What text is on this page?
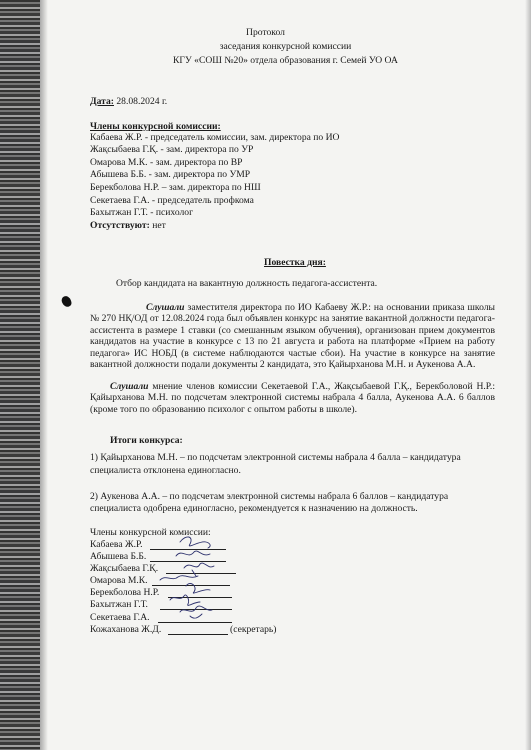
Протокол
заседания конкурсной комиссии
КГУ «СОШ №20» отдела образования г. Семей УО ОА
Дата: 28.08.2024 г.
Члены конкурсной комиссии:
Кабаева Ж.Р. - председатель комиссии, зам. директора по ИО
Жақсыбаева Г.Қ. - зам. директора по УР
Омарова М.К. - зам. директора по ВР
Абышева Б.Б. - зам. директора по УМР
Берекболова Н.Р. – зам. директора по НШ
Секетаева Г.А. - председатель профкома
Бахытжан Г.Т. - психолог
Отсутствуют: нет
Повестка дня:
Отбор кандидата на вакантную должность педагога-ассистента.
Слушали заместителя директора по ИО Кабаеву Ж.Р.: на основании приказа школы № 270 НҚ/ОД от 12.08.2024 года был объявлен конкурс на занятие вакантной должности педагога-ассистента в размере 1 ставки (со смешанным языком обучения), организован прием документов кандидатов на участие в конкурсе с 13 по 21 августа и работа на платформе «Прием на работу педагога» ИС НОБД (в системе наблюдаются частые сбои). На участие в конкурсе на занятие вакантной должности подали документы 2 кандидата, это Қайырханова М.Н. и Аукенова А.А.
Слушали мнение членов комиссии Секетаевой Г.А., Жақсыбаевой Г.Қ., Берекболовой Н.Р.: Қайырханова М.Н. по подсчетам электронной системы набрала 4 балла, Аукенова А.А. 6 баллов (кроме того по образованию психолог с опытом работы в школе).
Итоги конкурса:
1) Қайырханова М.Н. – по подсчетам электронной системы набрала 4 балла – кандидатура
специалиста отклонена единогласно.
2) Аукенова А.А. – по подсчетам электронной системы набрала 6 баллов – кандидатура
специалиста одобрена единогласно, рекомендуется к назначению на должность.
Члены конкурсной комиссии:
Кабаева Ж.Р.
Абышева Б.Б.
Жақсыбаева Г.Қ.
Омарова М.К.
Берекболова Н.Р.
Бахытжан Г.Т.
Секетаева Г.А.
Кожаханова Ж.Д.	(секретарь)
